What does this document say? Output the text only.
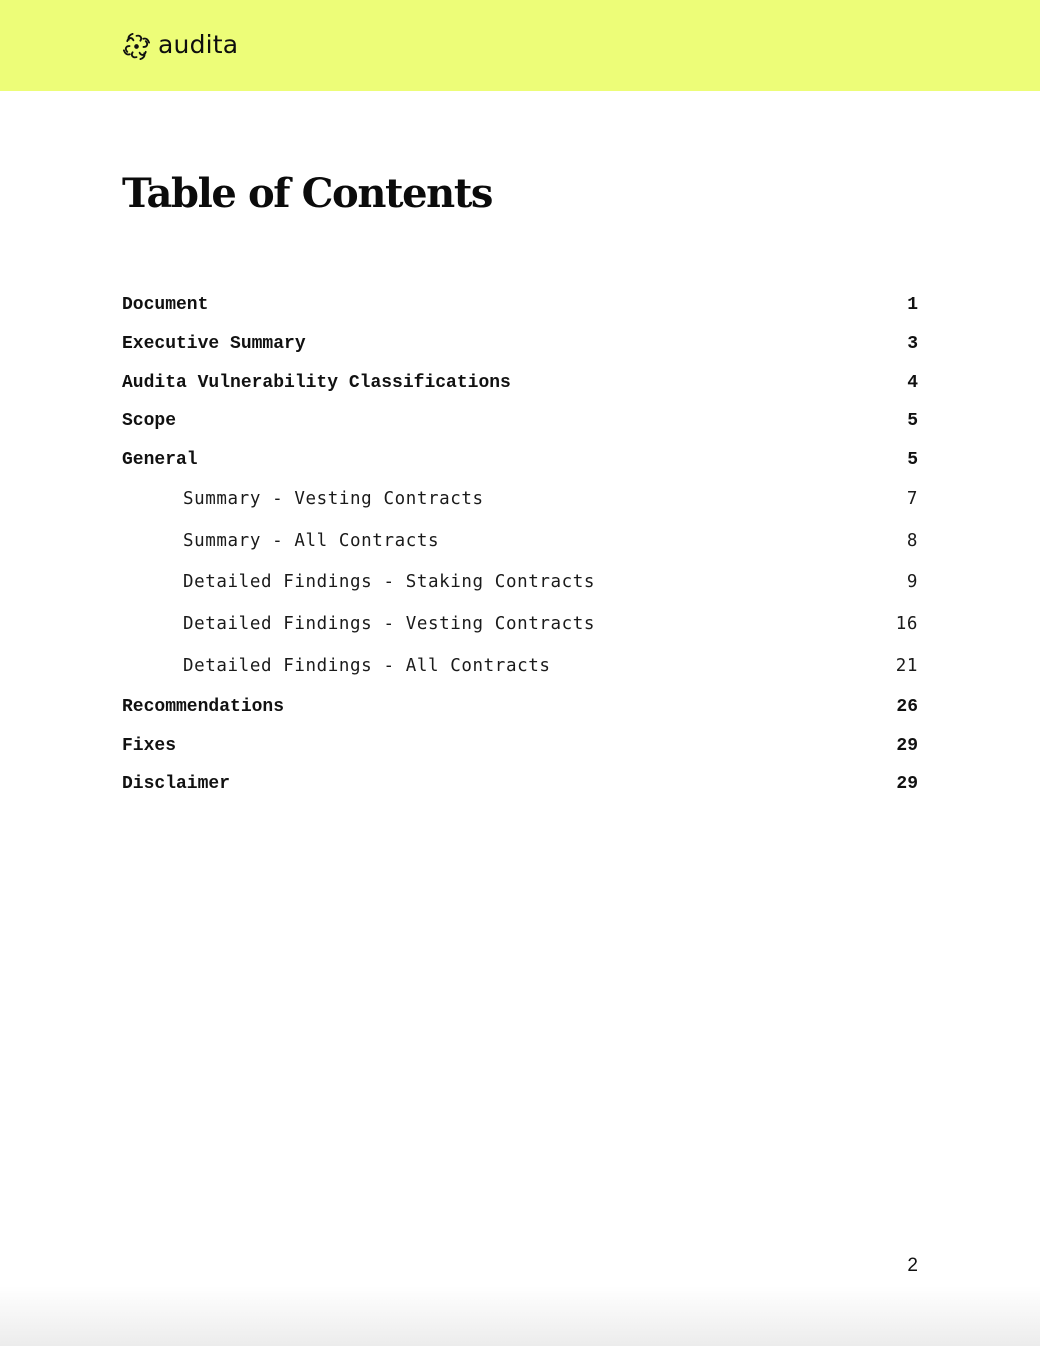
audita
Table of Contents
Document	1
Executive Summary	3
Audita Vulnerability Classifications	4
Scope	5
General	5
Summary - Vesting Contracts	7
Summary - All Contracts	8
Detailed Findings - Staking Contracts	9
Detailed Findings - Vesting Contracts	16
Detailed Findings - All Contracts	21
Recommendations	26
Fixes	29
Disclaimer	29
2
